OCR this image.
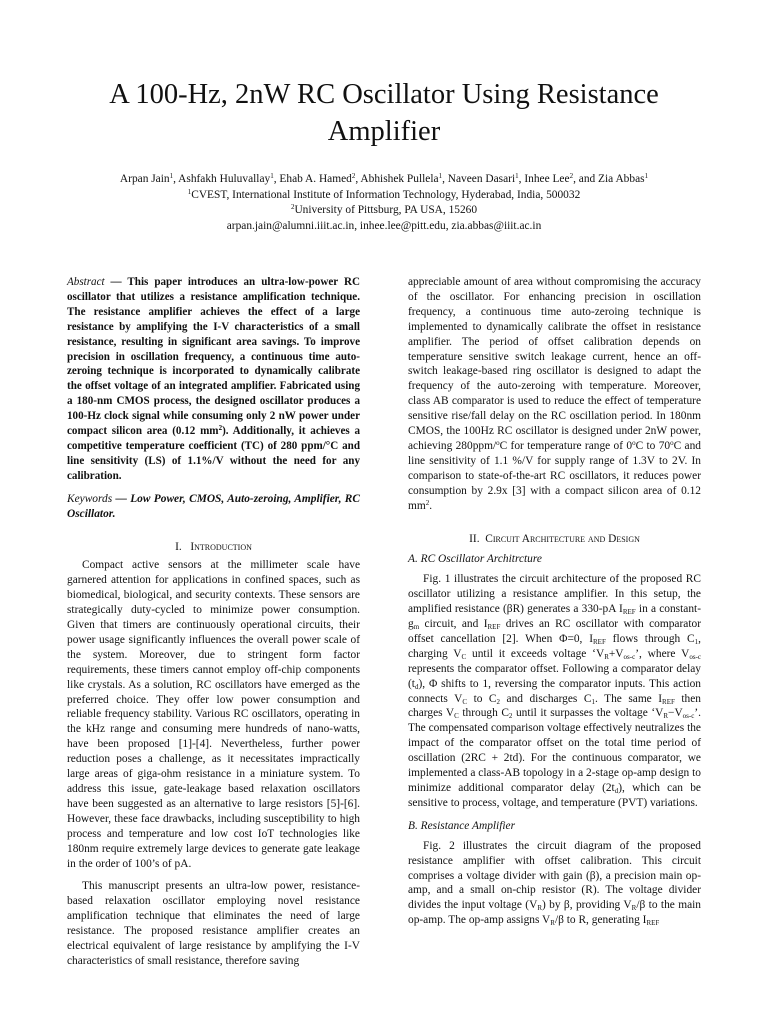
A 100-Hz, 2nW RC Oscillator Using Resistance Amplifier
Arpan Jain$^1$, Ashfakh Huluvallay$^1$, Ehab A. Hamed$^2$, Abhishek Pullela$^1$, Naveen Dasari$^1$, Inhee Lee$^2$, and Zia Abbas$^1$
$^1$CVEST, International Institute of Information Technology, Hyderabad, India, 500032
$^2$University of Pittsburg, PA USA, 15260
arpan.jain@alumni.iiit.ac.in, inhee.lee@pitt.edu, zia.abbas@iiit.ac.in

Abstract — This paper introduces an ultra-low-power RC oscillator that utilizes a resistance amplification technique. The resistance amplifier achieves the effect of a large resistance by amplifying the I-V characteristics of a small resistance, resulting in significant area savings. To improve precision in oscillation frequency, a continuous time auto-zeroing technique is incorporated to dynamically calibrate the offset voltage of an integrated amplifier. Fabricated using a 180-nm CMOS process, the designed oscillator produces a 100-Hz clock signal while consuming only 2 nW power under compact silicon area (0.12 $mm^2$). Additionally, it achieves a competitive temperature coefficient (TC) of 280 ppm/°C and line sensitivity (LS) of 1.1%/V without the need for any calibration.

Keywords — Low Power, CMOS, Auto-zeroing, Amplifier, RC Oscillator.

I. Introduction

Compact active sensors at the millimeter scale have garnered attention for applications in confined spaces, such as biomedical, biological, and security contexts. These sensors are strategically duty-cycled to minimize power consumption. Given that timers are continuously operational circuits, their power usage significantly influences the overall power scale of the system. Moreover, due to stringent form factor requirements, these timers cannot employ off-chip components like crystals. As a solution, RC oscillators have emerged as the preferred choice. They offer low power consumption and reliable frequency stability. Various RC oscillators, operating in the kHz range and consuming mere hundreds of nano-watts, have been proposed [1]-[4]. Nevertheless, further power reduction poses a challenge, as it necessitates impractically large areas of giga-ohm resistance in a miniature system. To address this issue, gate-leakage based relaxation oscillators have been suggested as an alternative to large resistors [5]-[6]. However, these face drawbacks, including susceptibility to high process and temperature and low cost IoT technologies like 180nm require extremely large devices to generate gate leakage in the order of 100’s of pA.

This manuscript presents an ultra-low power, resistance-based relaxation oscillator employing novel resistance amplification technique that eliminates the need of large resistance. The proposed resistance amplifier creates an electrical equivalent of large resistance by amplifying the I-V characteristics of small resistance, therefore saving

appreciable amount of area without compromising the accuracy of the oscillator. For enhancing precision in oscillation frequency, a continuous time auto-zeroing technique is implemented to dynamically calibrate the offset in resistance amplifier. The period of offset calibration depends on temperature sensitive switch leakage current, hence an off-switch leakage-based ring oscillator is designed to adapt the frequency of the auto-zeroing with temperature. Moreover, class AB comparator is used to reduce the effect of temperature sensitive rise/fall delay on the RC oscillation period. In 180nm CMOS, the 100Hz RC oscillator is designed under 2nW power, achieving 280ppm/$^o$C for temperature range of 0$^o$C to 70$^o$C and line sensitivity of 1.1 %/V for supply range of 1.3V to 2V. In comparison to state-of-the-art RC oscillators, it reduces power consumption by 2.9x [3] with a compact silicon area of 0.12 $mm^2$.

II. Circuit Architecture and Design
A. RC Oscillator Architrcture

Fig. 1 illustrates the circuit architecture of the proposed RC oscillator utilizing a resistance amplifier. In this setup, the amplified resistance (βR) generates a 330-pA $I_{REF}$ in a constant-$g_m$ circuit, and $I_{REF}$ drives an RC oscillator with comparator offset cancellation [2]. When Φ=0, $I_{REF}$ flows through $C_1$, charging $V_C$ until it exceeds voltage ‘$V_R+V_{os-c}$’, where $V_{os-c}$ represents the comparator offset. Following a comparator delay $(t_d)$, Φ shifts to 1, reversing the comparator inputs. This action connects $V_C$ to $C_2$ and discharges $C_1$. The same $I_{REF}$ then charges $V_C$ through $C_2$ until it surpasses the voltage ‘$V_R-V_{os-c}$’. The compensated comparison voltage effectively neutralizes the impact of the comparator offset on the total time period of oscillation (2RC + 2td). For the continuous comparator, we implemented a class-AB topology in a 2-stage op-amp design to minimize additional comparator delay $(2t_d)$, which can be sensitive to process, voltage, and temperature (PVT) variations.

B. Resistance Amplifier

Fig. 2 illustrates the circuit diagram of the proposed resistance amplifier with offset calibration. This circuit comprises a voltage divider with gain (β), a precision main op-amp, and a small on-chip resistor (R). The voltage divider divides the input voltage $(V_R)$ by β, providing $V_R/\beta$ to the main op-amp. The op-amp assigns $V_R/\beta$ to R, generating $I_{REF}$
